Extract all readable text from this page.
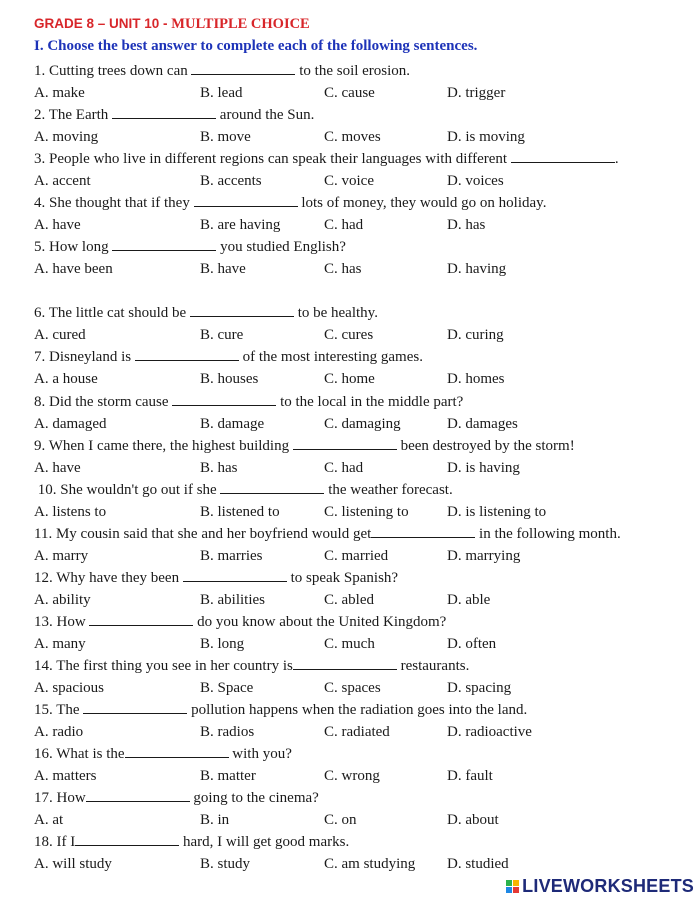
GRADE 8 – UNIT 10 - MULTIPLE CHOICE
I. Choose the best answer to complete each of the following sentences.
1. Cutting trees down can	to the soil erosion.
A. make	B. lead	C. cause	D. trigger
2. The Earth	around the Sun.
A. moving	B. move	C. moves	D. is moving
3. People who live in different regions can speak their languages with different	.
A. accent	B. accents	C. voice	D. voices
4. She thought that if they	lots of money, they would go on holiday.
A. have	B. are having	C. had	D. has
5. How long	you studied English?
A. have been	B. have	C. has	D. having
6. The little cat should be	to be healthy.
A. cured	B. cure	C. cures	D. curing
7. Disneyland is	of the most interesting games.
A. a house	B. houses	C. home	D. homes
8. Did the storm cause	to the local in the middle part?
A. damaged	B. damage	C. damaging	D. damages
9. When I came there, the highest building	been destroyed by the storm!
A. have	B. has	C. had	D. is having
10. She wouldn't go out if she	the weather forecast.
A. listens to	B. listened to	C. listening to	D. is listening to
11. My cousin said that she and her boyfriend would get	in the following month.
A. marry	B. marries	C. married	D. marrying
12. Why have they been	to speak Spanish?
A. ability	B. abilities	C. abled	D. able
13. How	do you know about the United Kingdom?
A. many	B. long	C. much	D. often
14. The first thing you see in her country is	restaurants.
A. spacious	B. Space	C. spaces	D. spacing
15. The	pollution happens when the radiation goes into the land.
A. radio	B. radios	C. radiated	D. radioactive
16. What is the	with you?
A. matters	B. matter	C. wrong	D. fault
17. How	going to the cinema?
A. at	B. in	C. on	D. about
18. If I	hard, I will get good marks.
A. will study	B. study	C. am studying D. studied
LIVEWORKSHEETS
